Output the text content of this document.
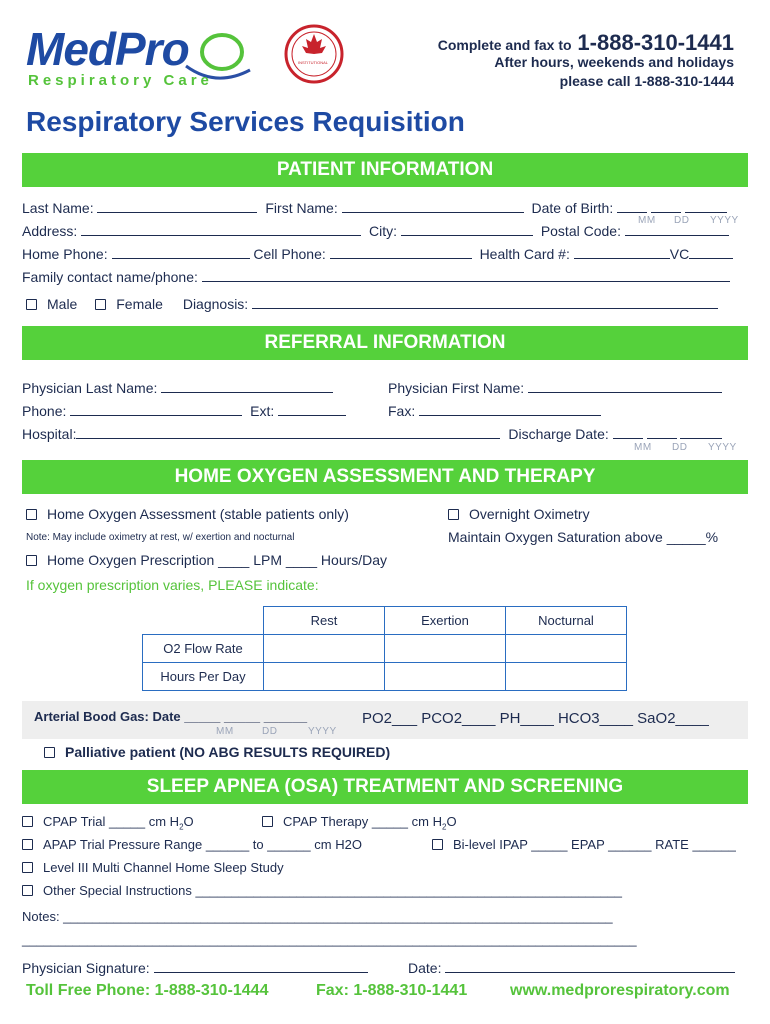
MedPro
Respiratory Care
INSTITUTIONAL
Complete and fax to 1-888-310-1441
After hours, weekends and holidays
please call 1-888-310-1444
Respiratory Services Requisition
PATIENT INFORMATION
Last Name:	First Name:	Date of Birth:
MM DD YYYY
Address:	City:	Postal Code:
Home Phone:	Cell Phone:	Health Card #:	VC
Family contact name/phone:
Male	Female Diagnosis:
REFERRAL INFORMATION
Physician Last Name:	Physician First Name:
Phone:	Ext:	Fax:
Hospital:	Discharge Date:
MM DD YYYY
HOME OXYGEN ASSESSMENT AND THERAPY
Home Oxygen Assessment (stable patients only)	Overnight Oximetry
Note: May include oximetry at rest, w/ exertion and nocturnal	Maintain Oxygen Saturation above _____%
Home Oxygen Prescription ____ LPM ____ Hours/Day
If oxygen prescription varies, PLEASE indicate:
	Rest	Exertion	Nocturnal
O2 Flow Rate			
Hours Per Day			
Arterial Bood Gas: Date _____ _____ ______	PO2___ PCO2____ PH____ HCO3____ SaO2____
MM	DD	YYYY
Palliative patient (NO ABG RESULTS REQUIRED)
SLEEP APNEA (OSA) TREATMENT AND SCREENING
CPAP Trial _____ cm $H_2O$	CPAP Therapy _____ cm $H_2O$
APAP Trial Pressure Range ______ to ______ cm H2O	Bi-level IPAP _____ EPAP ______ RATE ______
Level III Multi Channel Home Sleep Study
Other Special Instructions ___________________________________________________________
Notes: ____________________________________________________________________________
_____________________________________________________________________________________
Physician Signature:	Date:
Toll Free Phone: 1-888-310-1444	Fax: 1-888-310-1441	www.medprorespiratory.com
